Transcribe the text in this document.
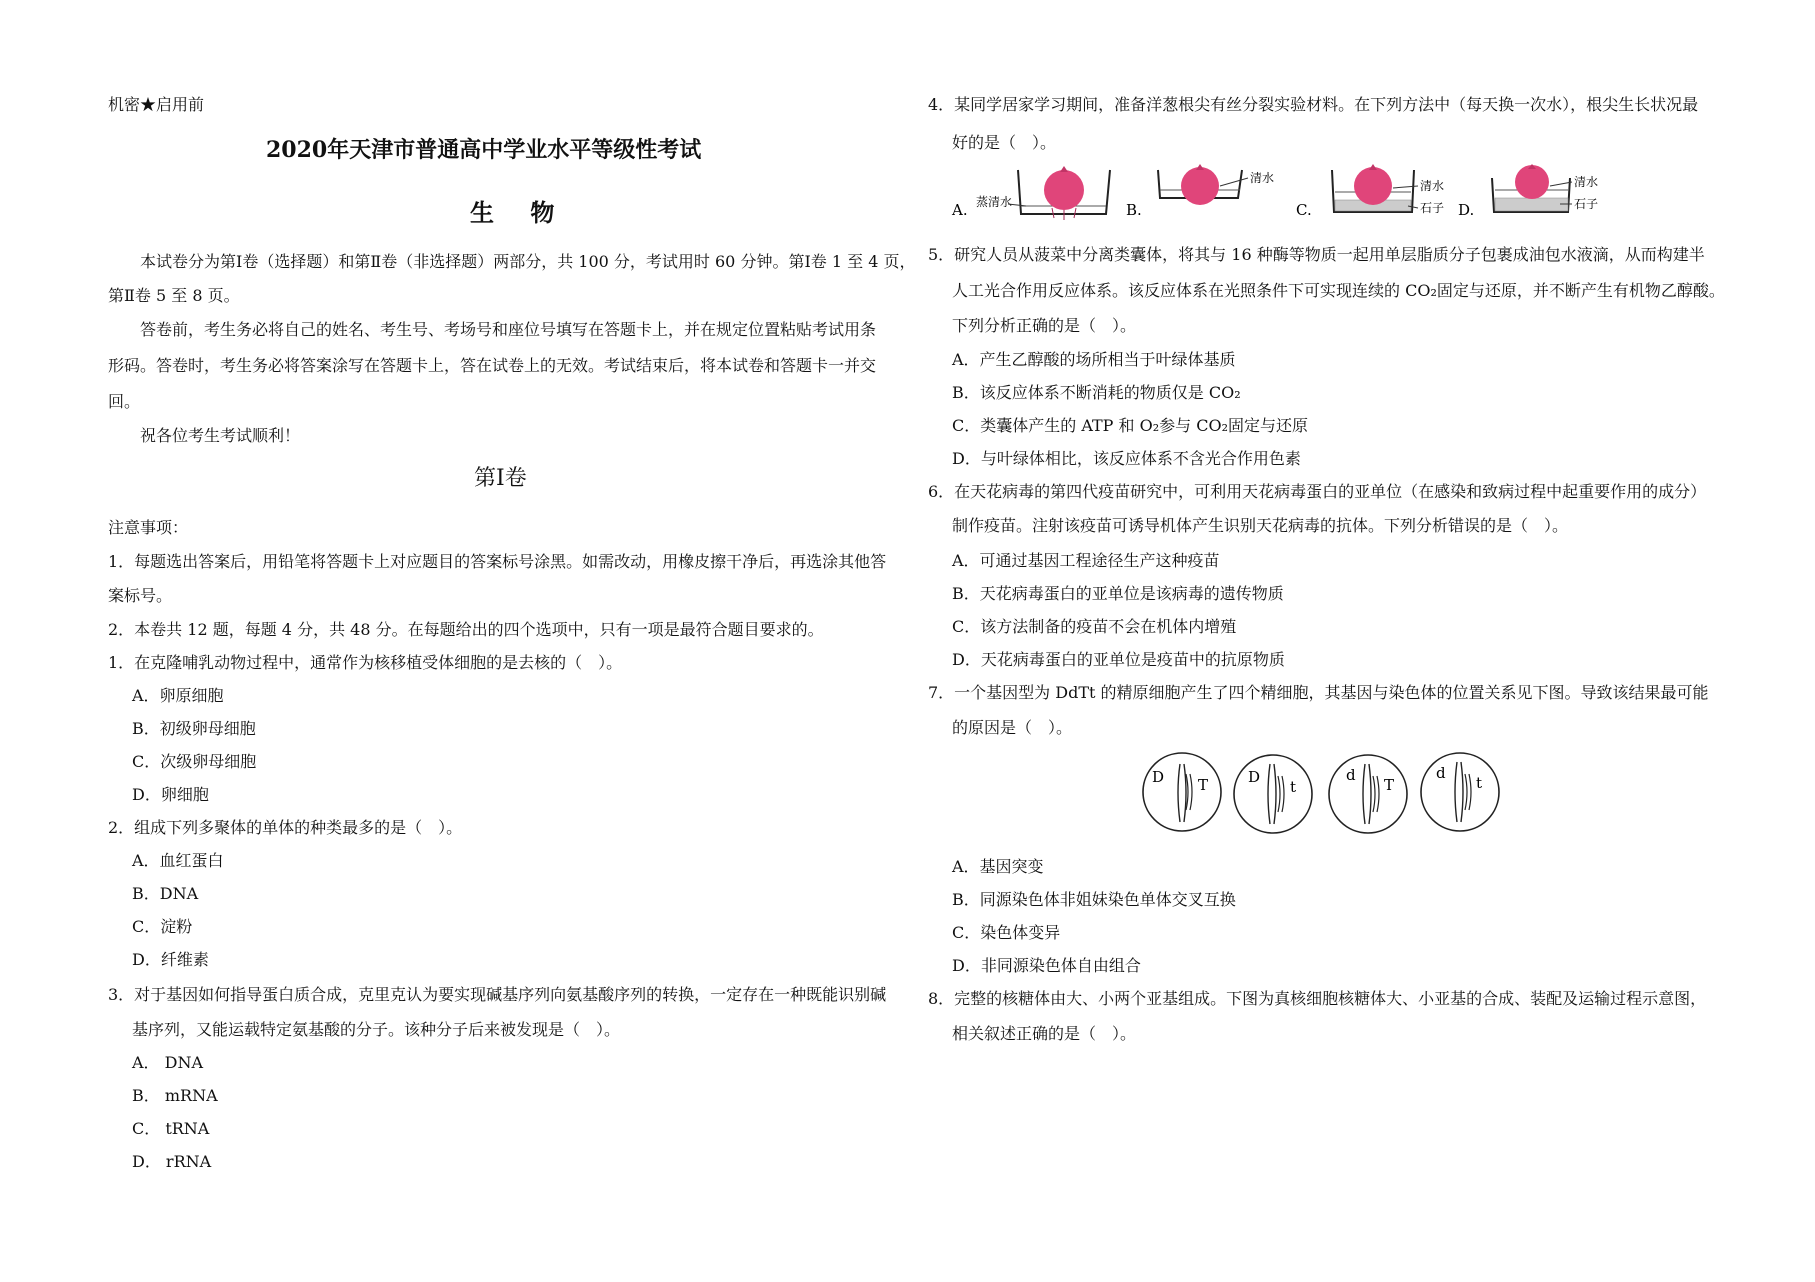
机密★启用前
2020年天津市普通高中学业水平等级性考试
生 物
本试卷分为第Ⅰ卷（选择题）和第Ⅱ卷（非选择题）两部分，共 100 分，考试用时 60 分钟。第Ⅰ卷 1 至 4 页，
第Ⅱ卷 5 至 8 页。
答卷前，考生务必将自己的姓名、考生号、考场号和座位号填写在答题卡上，并在规定位置粘贴考试用条
形码。答卷时，考生务必将答案涂写在答题卡上，答在试卷上的无效。考试结束后，将本试卷和答题卡一并交
回。
祝各位考生考试顺利！
第Ⅰ卷
注意事项：
1．每题选出答案后，用铅笔将答题卡上对应题目的答案标号涂黑。如需改动，用橡皮擦干净后，再选涂其他答
案标号。
2．本卷共 12 题，每题 4 分，共 48 分。在每题给出的四个选项中，只有一项是最符合题目要求的。
1．在克隆哺乳动物过程中，通常作为核移植受体细胞的是去核的（　）。
A．卵原细胞
B．初级卵母细胞
C．次级卵母细胞
D．卵细胞
2．组成下列多聚体的单体的种类最多的是（　）。
A．血红蛋白
B．DNA
C．淀粉
D．纤维素
3．对于基因如何指导蛋白质合成，克里克认为要实现碱基序列向氨基酸序列的转换，一定存在一种既能识别碱
基序列，又能运载特定氨基酸的分子。该种分子后来被发现是（　）。
A． DNA
B． mRNA
C． tRNA
D． rRNA
4．某同学居家学习期间，准备洋葱根尖有丝分裂实验材料。在下列方法中（每天换一次水），根尖生长状况最
好的是（　）。
A. 蒸清水	B.
清水
C.
清水
石子 D.
清水
石子
5．研究人员从菠菜中分离类囊体，将其与 16 种酶等物质一起用单层脂质分子包裹成油包水液滴，从而构建半
人工光合作用反应体系。该反应体系在光照条件下可实现连续的 CO₂固定与还原，并不断产生有机物乙醇酸。
下列分析正确的是（　）。
A．产生乙醇酸的场所相当于叶绿体基质
B．该反应体系不断消耗的物质仅是 CO₂
C．类囊体产生的 ATP 和 O₂参与 CO₂固定与还原
D．与叶绿体相比，该反应体系不含光合作用色素
6．在天花病毒的第四代疫苗研究中，可利用天花病毒蛋白的亚单位（在感染和致病过程中起重要作用的成分）
制作疫苗。注射该疫苗可诱导机体产生识别天花病毒的抗体。下列分析错误的是（　）。
A．可通过基因工程途径生产这种疫苗
B．天花病毒蛋白的亚单位是该病毒的遗传物质
C．该方法制备的疫苗不会在机体内增殖
D．天花病毒蛋白的亚单位是疫苗中的抗原物质
7．一个基因型为 DdTt 的精原细胞产生了四个精细胞，其基因与染色体的位置关系见下图。导致该结果最可能
的原因是（　）。
D T	D
t
d
T
d
t
A．基因突变
B．同源染色体非姐妹染色单体交叉互换
C．染色体变异
D．非同源染色体自由组合
8．完整的核糖体由大、小两个亚基组成。下图为真核细胞核糖体大、小亚基的合成、装配及运输过程示意图，
相关叙述正确的是（　）。
